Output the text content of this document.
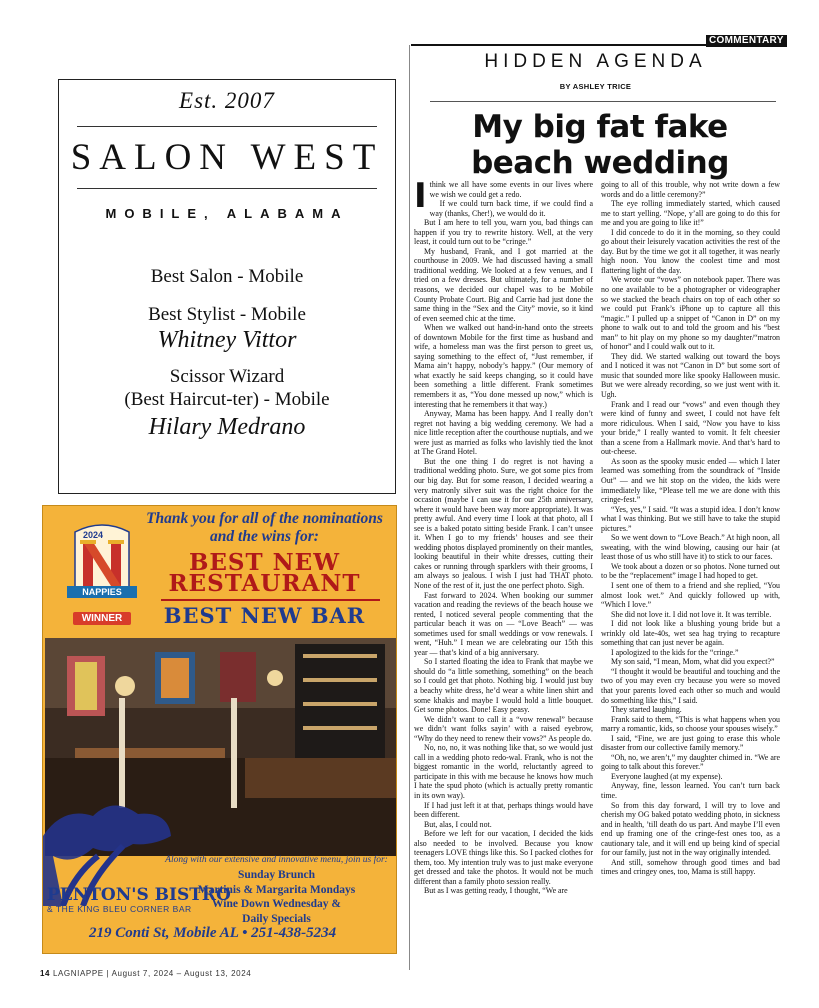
Est. 2007
SALON WEST
MOBILE, ALABAMA
Best Salon - Mobile
Best Stylist - Mobile
Whitney Vittor
Scissor Wizard
(Best Haircut-ter) - Mobile
Hilary Medrano
2024
NAPPIES
WINNER
Thank you for all of the nominations and the wins for:
BEST NEW
RESTAURANT
BEST NEW BAR
Along with our extensive and innovative menu, join us for:
Sunday Brunch
Martinis & Margarita Mondays
Wine Down Wednesday &
Daily Specials
PENTON'S BISTRO
& THE KING BLEU CORNER BAR
219 Conti St, Mobile AL • 251-438-5234
COMMENTARY
HIDDEN AGENDA
BY ASHLEY TRICE
My big fat fake beach wedding
I think we all have some events in our lives where we wish we could get a redo.

If we could turn back time, if we could find a way (thanks, Cher!), we would do it.

But I am here to tell you, warn you, bad things can happen if you try to rewrite history. Well, at the very least, it could turn out to be “cringe.”

My husband, Frank, and I got married at the courthouse in 2009. We had discussed having a small traditional wedding. We looked at a few venues, and I tried on a few dresses. But ultimately, for a number of reasons, we decided our chapel was to be Mobile County Probate Court. Big and Carrie had just done the same thing in the “Sex and the City” movie, so it kind of even seemed chic at the time.

When we walked out hand-in-hand onto the streets of downtown Mobile for the first time as husband and wife, a homeless man was the first person to greet us, saying something to the effect of, “Just remember, if Mama ain’t happy, nobody’s happy.” (Our memory of what exactly he said keeps changing, so it could have been something a little different. Frank sometimes remembers it as, “You done messed up now,” which is interesting that he remembers it that way.)

Anyway, Mama has been happy. And I really don’t regret not having a big wedding ceremony. We had a nice little reception after the courthouse nuptials, and we were just as married as folks who lavishly tied the knot at The Grand Hotel.

But the one thing I do regret is not having a traditional wedding photo. Sure, we got some pics from our big day. But for some reason, I decided wearing a very matronly silver suit was the right choice for the occasion (maybe I can use it for our 25th anniversary, where it would have been way more appropriate). It was pretty awful. And every time I look at that photo, all I see is a baked potato sitting beside Frank. I can’t unsee it. When I go to my friends’ houses and see their wedding photos displayed prominently on their mantles, looking beautiful in their white dresses, cutting their cakes or running through sparklers with their grooms, I am always so jealous. I wish I just had THAT photo. None of the rest of it, just the one perfect photo. Sigh.

Fast forward to 2024. When booking our summer vacation and reading the reviews of the beach house we rented, I noticed several people commenting that the particular beach it was on — “Love Beach” — was sometimes used for small weddings or vow renewals. I went, “Huh.” I mean we are celebrating our 15th this year — that’s kind of a big anniversary.

So I started floating the idea to Frank that maybe we should do “a little something, something” on the beach so I could get that photo. Nothing big. I would just buy a beachy white dress, he’d wear a white linen shirt and some khakis and maybe I would hold a little bouquet. Get some photos. Done! Easy peasy.

We didn’t want to call it a “vow renewal” because we didn’t want folks sayin’ with a raised eyebrow, “Why do they need to renew their vows?” As people do.

No, no, no, it was nothing like that, so we would just call in a wedding photo redo-wal. Frank, who is not the biggest romantic in the world, reluctantly agreed to participate in this with me because he knows how much I hate the spud photo (which is actually pretty romantic in its own way).

If I had just left it at that, perhaps things would have been different.

But, alas, I could not.

Before we left for our vacation, I decided the kids also needed to be involved. Because you know teenagers LOVE things like this. So I packed clothes for them, too. My intention truly was to just make everyone get dressed and take the photos. It would not be much different than a family photo session really.

But as I was getting ready, I thought, “We are

going to all of this trouble, why not write down a few words and do a little ceremony?”

The eye rolling immediately started, which caused me to start yelling. “Nope, y’all are going to do this for me and you are going to like it!”

I did concede to do it in the morning, so they could go about their leisurely vacation activities the rest of the day. But by the time we got it all together, it was nearly high noon. You know the coolest time and most flattering light of the day.

We wrote our “vows” on notebook paper. There was no one available to be a photographer or videographer so we stacked the beach chairs on top of each other so we could put Frank’s iPhone up to capture all this “magic.” I pulled up a snippet of “Canon in D” on my phone to walk out to and told the groom and his “best man” to hit play on my phone so my daughter/“matron of honor” and I could walk out to it.

They did. We started walking out toward the boys and I noticed it was not “Canon in D” but some sort of music that sounded more like spooky Halloween music. But we were already recording, so we just went with it. Ugh.

Frank and I read our “vows” and even though they were kind of funny and sweet, I could not have felt more ridiculous. When I said, “Now you have to kiss your bride,” I really wanted to vomit. It felt cheesier than a scene from a Hallmark movie. And that’s hard to out-cheese.

As soon as the spooky music ended — which I later learned was something from the soundtrack of “Inside Out” — and we hit stop on the video, the kids were immediately like, “Please tell me we are done with this cringe-fest.”

“Yes, yes,” I said. “It was a stupid idea. I don’t know what I was thinking. But we still have to take the stupid pictures.”

So we went down to “Love Beach.” At high noon, all sweating, with the wind blowing, causing our hair (at least those of us who still have it) to stick to our faces.

We took about a dozen or so photos. None turned out to be the “replacement” image I had hoped to get.

I sent one of them to a friend and she replied, “You almost look wet.” And quickly followed up with, “Which I love.”

She did not love it. I did not love it. It was terrible.

I did not look like a blushing young bride but a wrinkly old late-40s, wet sea hag trying to recapture something that can just never be again.

I apologized to the kids for the “cringe.”

My son said, “I mean, Mom, what did you expect?”

“I thought it would be beautiful and touching and the two of you may even cry because you were so moved that your parents loved each other so much and would do something like this,” I said.

They started laughing.

Frank said to them, “This is what happens when you marry a romantic, kids, so choose your spouses wisely.”

I said, “Fine, we are just going to erase this whole disaster from our collective family memory.”

“Oh, no, we aren’t,” my daughter chimed in. “We are going to talk about this forever.”

Everyone laughed (at my expense).

Anyway, fine, lesson learned. You can’t turn back time.

So from this day forward, I will try to love and cherish my OG baked potato wedding photo, in sickness and in health, ’till death do us part. And maybe I’ll even end up framing one of the cringe-fest ones too, as a cautionary tale, and it will end up being kind of special for our family, just not in the way originally intended.

And still, somehow through good times and bad times and cringey ones, too, Mama is still happy.

14 LAGNIAPPE | August 7, 2024 – August 13, 2024
